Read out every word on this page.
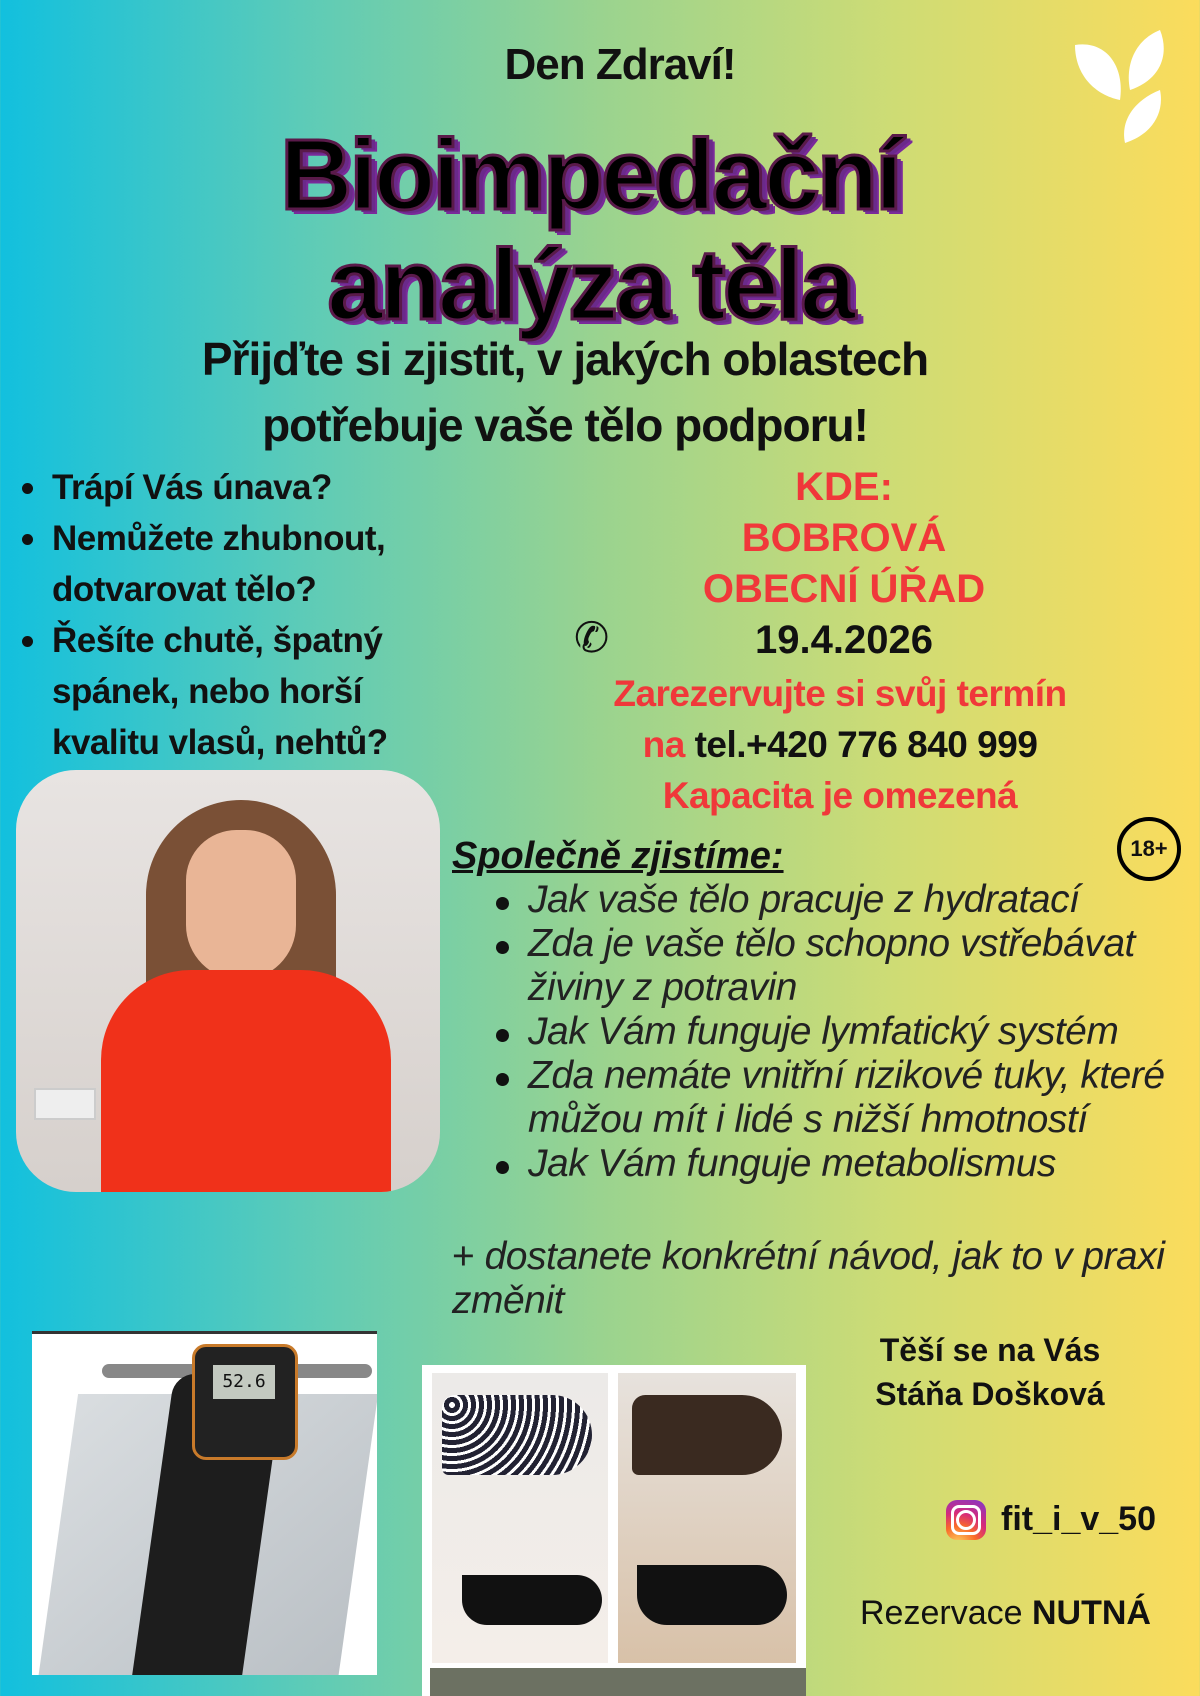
Den Zdraví!
Bioimpedační
analýza těla
Přijďte si zjistit, v jakých oblastech
potřebuje vaše tělo podporu!
Trápí Vás únava?
Nemůžete zhubnout, dotvarovat tělo?
Řešíte chutě, špatný spánek, nebo horší kvalitu vlasů, nehtů?
KDE:
BOBROVÁ
OBECNÍ ÚŘAD
19.4.2026
✆
Zarezervujte si svůj termín
na tel.+420 776 840 999
Kapacita je omezená
Společně zjistíme:	18+
Jak vaše tělo pracuje z hydratací
Zda je vaše tělo schopno vstřebávat živiny z potravin
Jak Vám funguje lymfatický systém
Zda nemáte vnitřní rizikové tuky, které můžou mít i lidé s nižší hmotností
Jak Vám funguje metabolismus
+ dostanete konkrétní návod, jak to v praxi změnit
52.6
Těší se na Vás
Stáňa Došková
fit_i_v_50
Rezervace NUTNÁ
